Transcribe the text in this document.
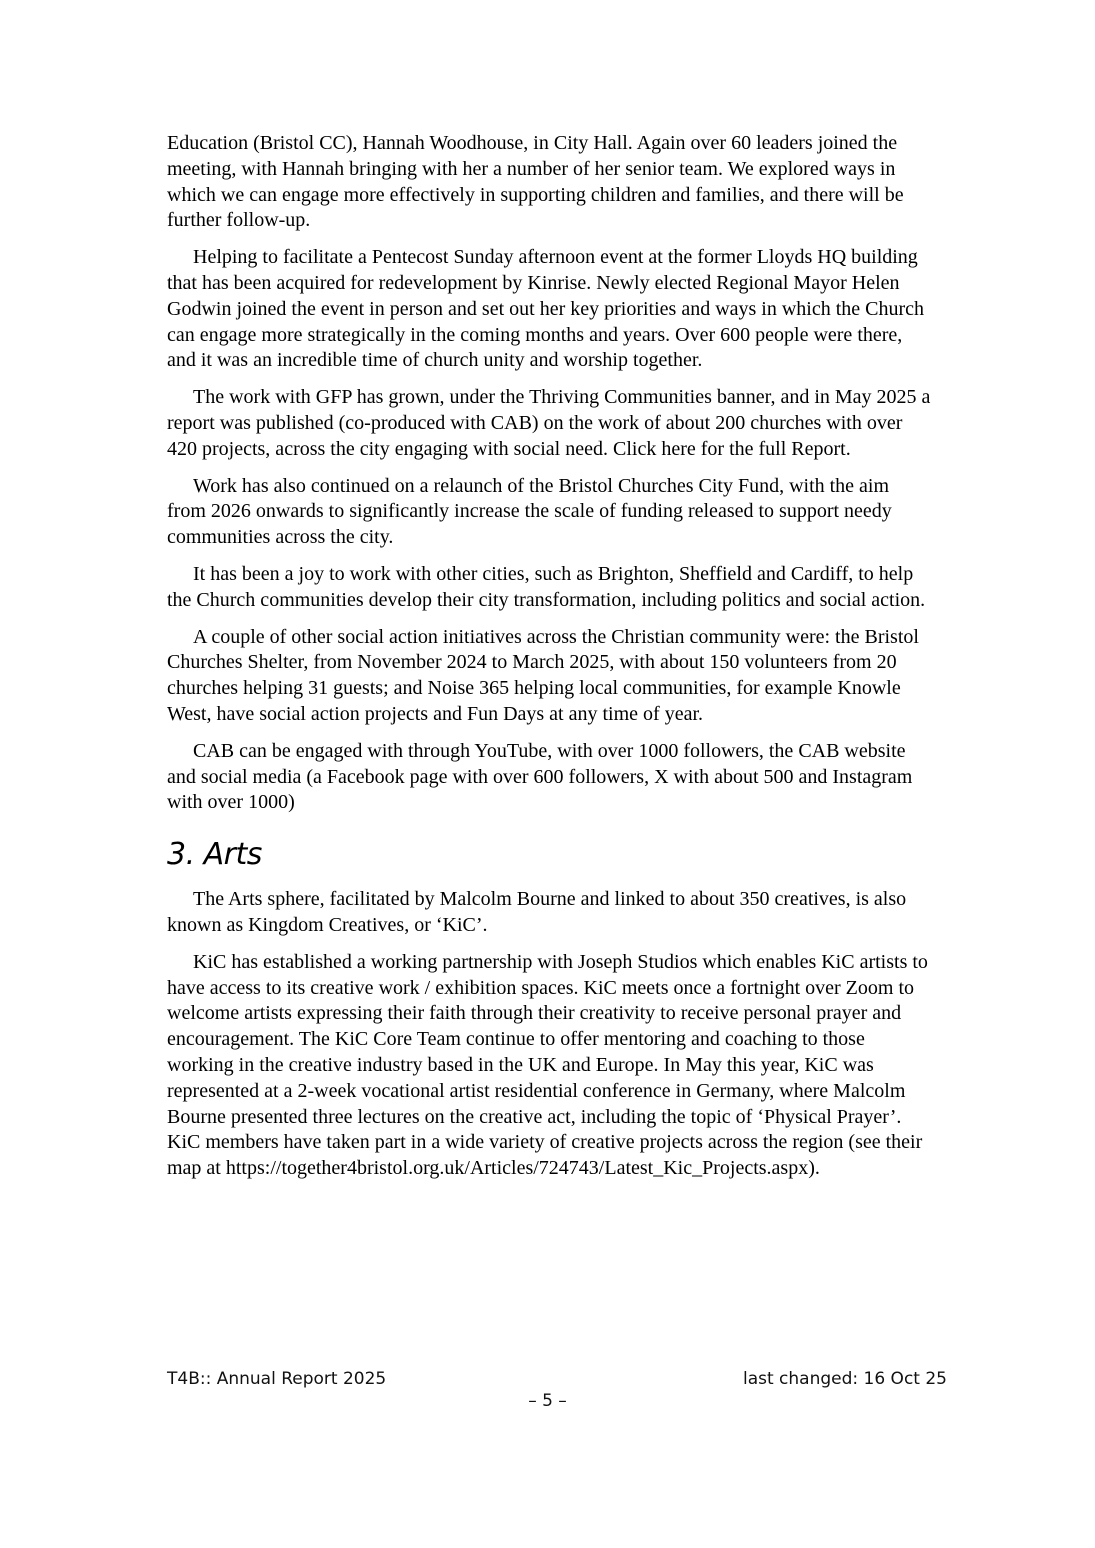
Education (Bristol CC), Hannah Woodhouse, in City Hall. Again over 60 leaders joined the meeting, with Hannah bringing with her a number of her senior team. We explored ways in which we can engage more effectively in supporting children and families, and there will be further follow-up.

Helping to facilitate a Pentecost Sunday afternoon event at the former Lloyds HQ building that has been acquired for redevelopment by Kinrise. Newly elected Regional Mayor Helen Godwin joined the event in person and set out her key priorities and ways in which the Church can engage more strategically in the coming months and years. Over 600 people were there, and it was an incredible time of church unity and worship together.

The work with GFP has grown, under the Thriving Communities banner, and in May 2025 a report was published (co-produced with CAB) on the work of about 200 churches with over 420 projects, across the city engaging with social need. Click here for the full Report.

Work has also continued on a relaunch of the Bristol Churches City Fund, with the aim from 2026 onwards to significantly increase the scale of funding released to support needy communities across the city.

It has been a joy to work with other cities, such as Brighton, Sheffield and Cardiff, to help the Church communities develop their city transformation, including politics and social action.

A couple of other social action initiatives across the Christian community were: the Bristol Churches Shelter, from November 2024 to March 2025, with about 150 volunteers from 20 churches helping 31 guests; and Noise 365 helping local communities, for example Knowle West, have social action projects and Fun Days at any time of year.

CAB can be engaged with through YouTube, with over 1000 followers, the CAB website and social media (a Facebook page with over 600 followers, X with about 500 and Instagram with over 1000)

3. Arts

The Arts sphere, facilitated by Malcolm Bourne and linked to about 350 creatives, is also known as Kingdom Creatives, or ‘KiC’.

KiC has established a working partnership with Joseph Studios which enables KiC artists to have access to its creative work / exhibition spaces. KiC meets once a fortnight over Zoom to welcome artists expressing their faith through their creativity to receive personal prayer and encouragement. The KiC Core Team continue to offer mentoring and coaching to those working in the creative industry based in the UK and Europe. In May this year, KiC was represented at a 2-week vocational artist residential conference in Germany, where Malcolm Bourne presented three lectures on the creative act, including the topic of ‘Physical Prayer’. KiC members have taken part in a wide variety of creative projects across the region (see their map at https://together4bristol.org.uk/Articles/724743/Latest_Kic_Projects.aspx).

T4B:: Annual Report 2025	last changed: 16 Oct 25
– 5 –
